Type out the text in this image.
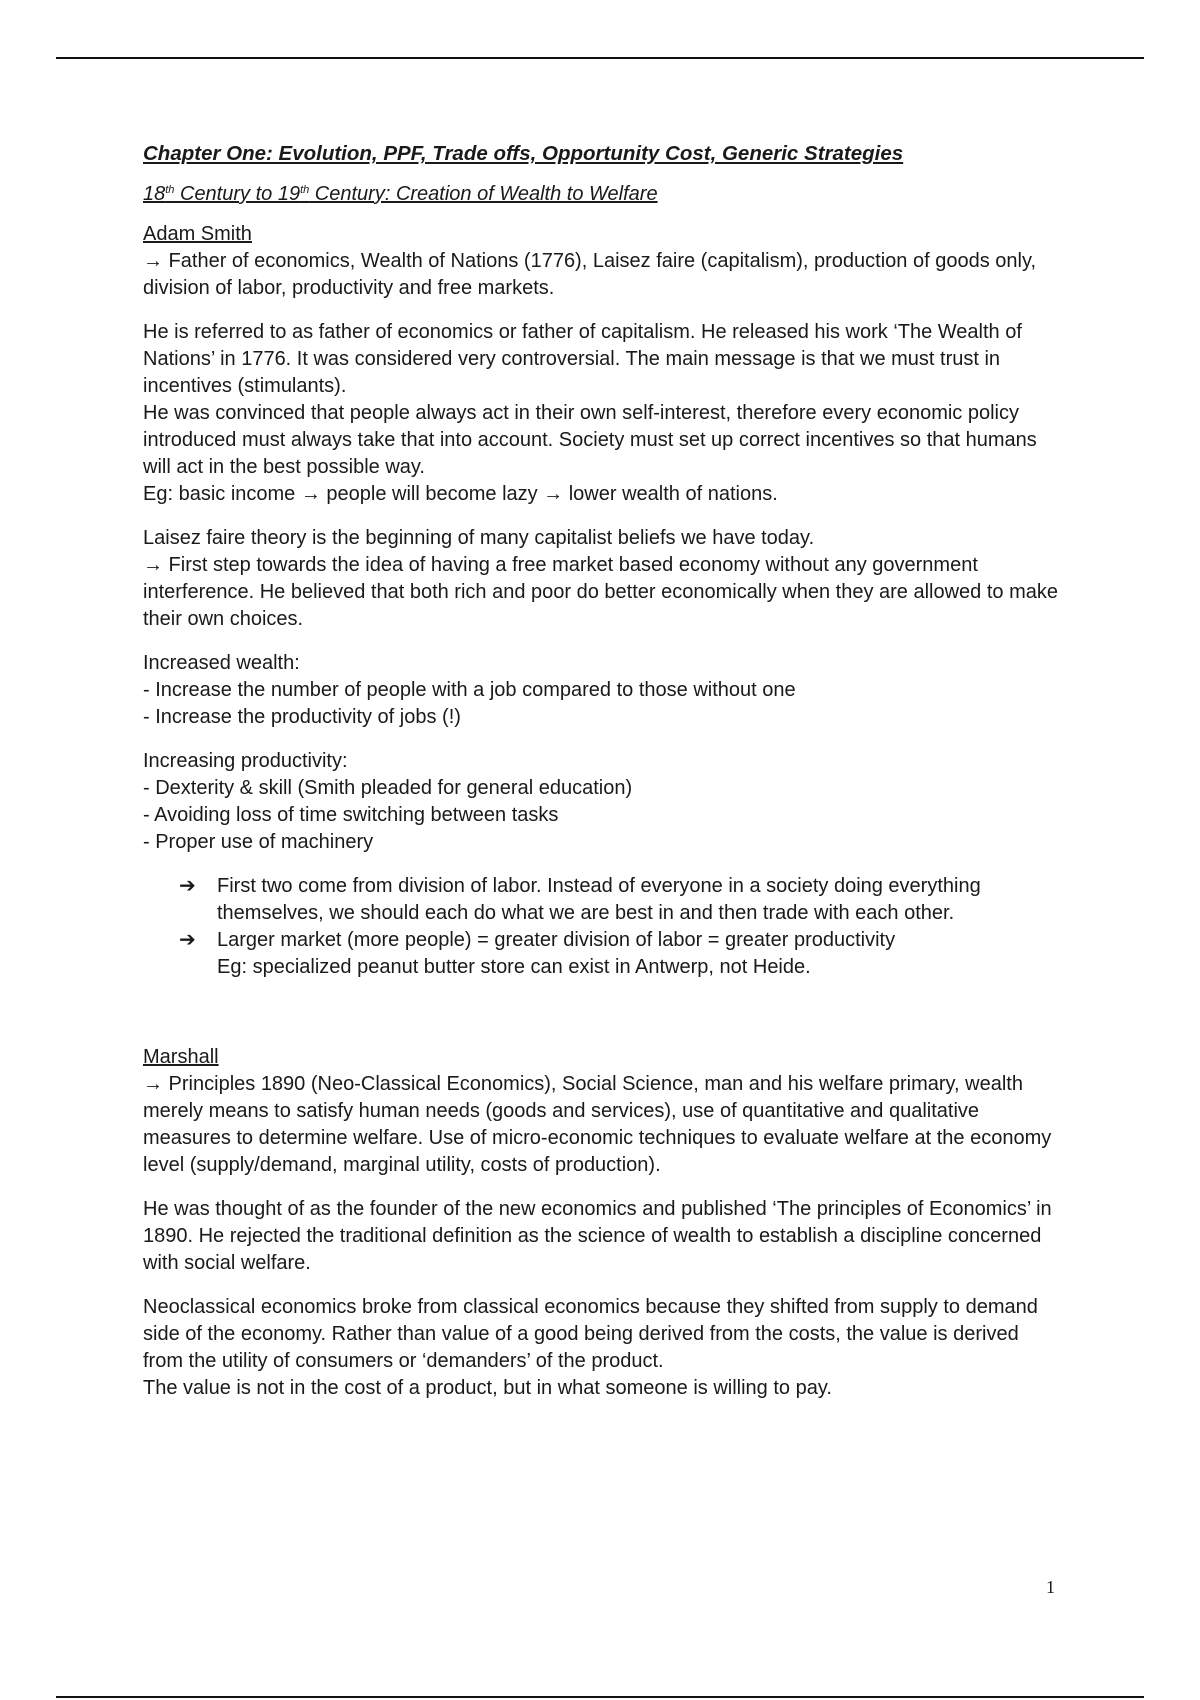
Chapter One: Evolution, PPF, Trade offs, Opportunity Cost, Generic Strategies

18th Century to 19th Century: Creation of Wealth to Welfare

Adam Smith
→ Father of economics, Wealth of Nations (1776), Laisez faire (capitalism), production of goods only, division of labor, productivity and free markets.

He is referred to as father of economics or father of capitalism. He released his work ‘The Wealth of Nations’ in 1776. It was considered very controversial. The main message is that we must trust in incentives (stimulants).
He was convinced that people always act in their own self-interest, therefore every economic policy introduced must always take that into account. Society must set up correct incentives so that humans will act in the best possible way.
Eg: basic income → people will become lazy → lower wealth of nations.

Laisez faire theory is the beginning of many capitalist beliefs we have today.
→ First step towards the idea of having a free market based economy without any government interference. He believed that both rich and poor do better economically when they are allowed to make their own choices.

Increased wealth:
- Increase the number of people with a job compared to those without one
- Increase the productivity of jobs (!)

Increasing productivity:
- Dexterity & skill (Smith pleaded for general education)
- Avoiding loss of time switching between tasks
- Proper use of machinery

➔ First two come from division of labor. Instead of everyone in a society doing everything themselves, we should each do what we are best in and then trade with each other.
➔ Larger market (more people) = greater division of labor = greater productivity
Eg: specialized peanut butter store can exist in Antwerp, not Heide.

Marshall
→ Principles 1890 (Neo-Classical Economics), Social Science, man and his welfare primary, wealth merely means to satisfy human needs (goods and services), use of quantitative and qualitative measures to determine welfare. Use of micro-economic techniques to evaluate welfare at the economy level (supply/demand, marginal utility, costs of production).

He was thought of as the founder of the new economics and published ‘The principles of Economics’ in 1890. He rejected the traditional definition as the science of wealth to establish a discipline concerned with social welfare.

Neoclassical economics broke from classical economics because they shifted from supply to demand side of the economy. Rather than value of a good being derived from the costs, the value is derived from the utility of consumers or ‘demanders’ of the product.
The value is not in the cost of a product, but in what someone is willing to pay.

1
